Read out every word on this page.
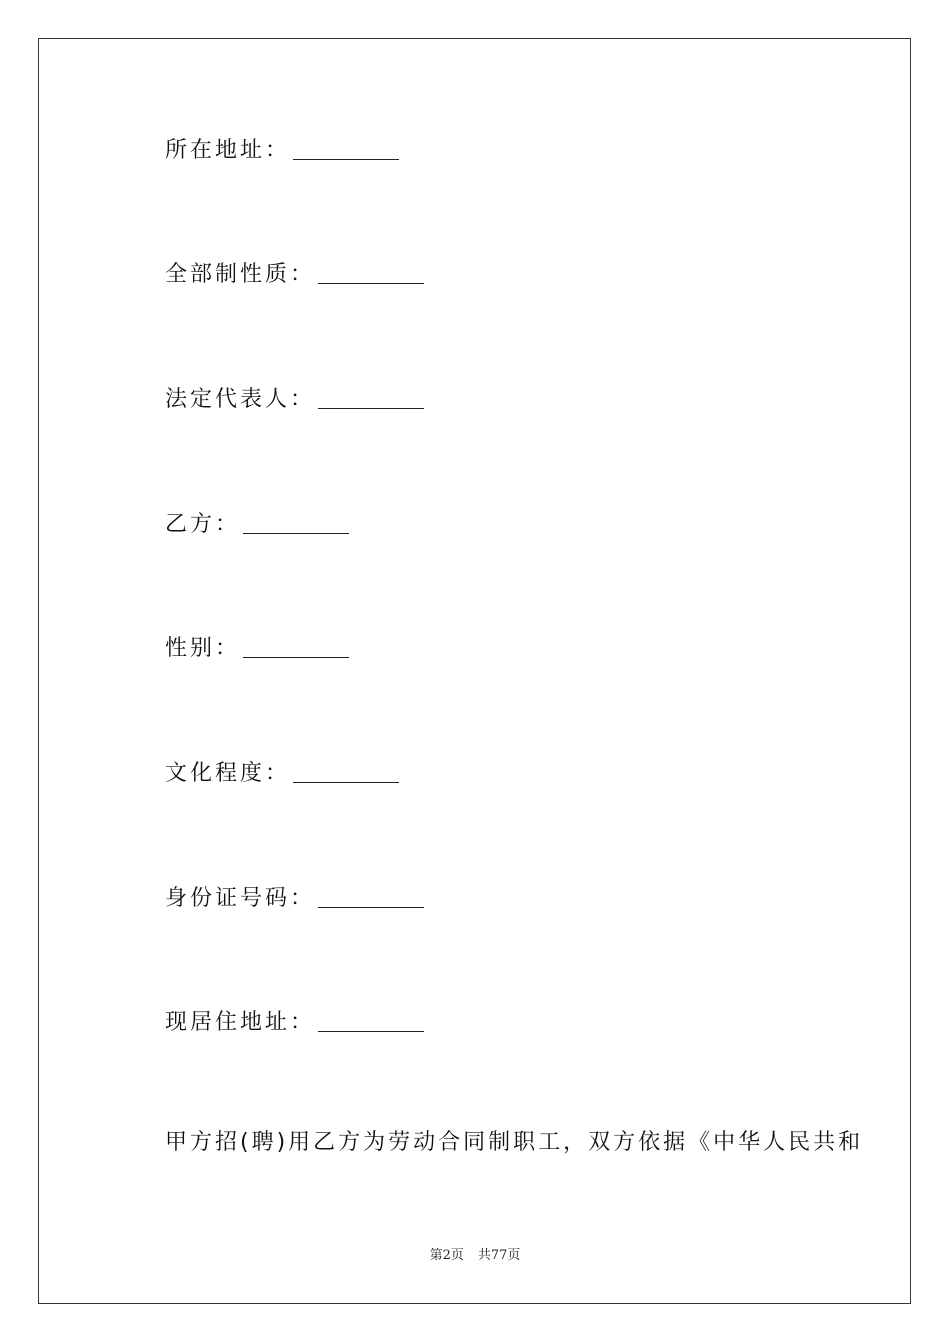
所在地址：
全部制性质：
法定代表人：
乙方：
性别：
文化程度：
身份证号码：
现居住地址：
甲方招(聘)用乙方为劳动合同制职工，双方依据《中华人民共和
第2页 共77页
